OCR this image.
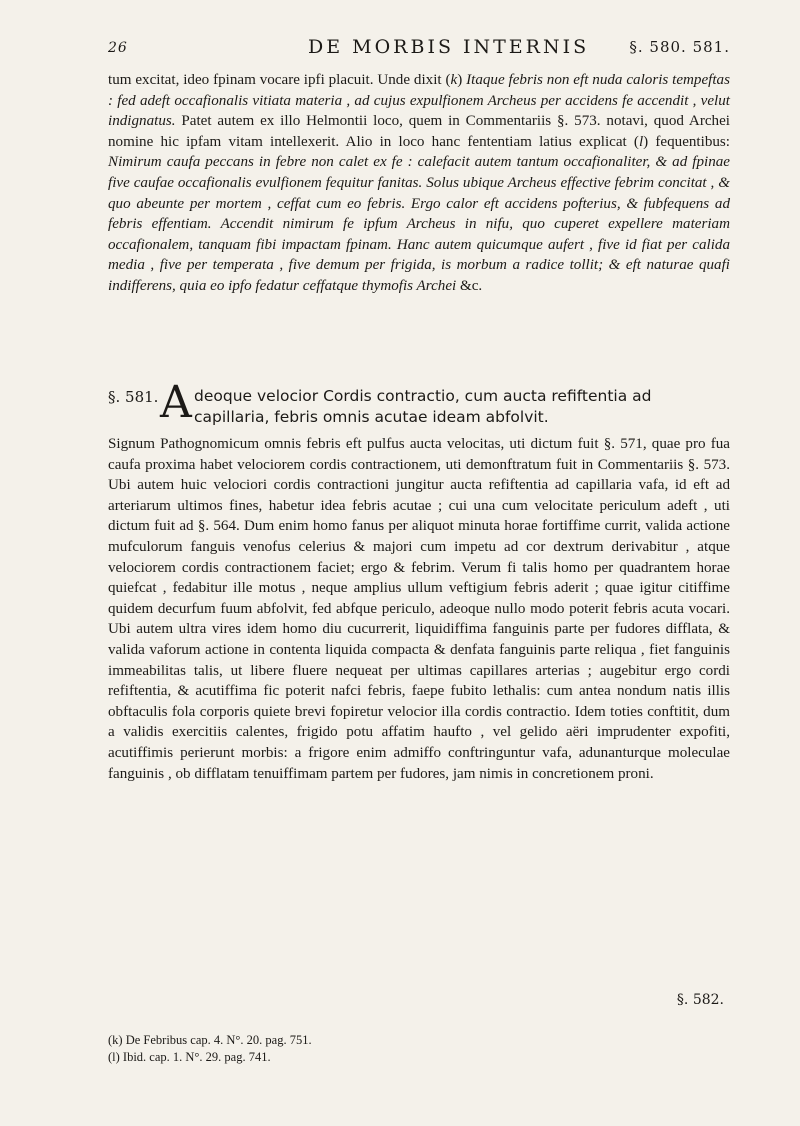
26	DE MORBIS INTERNIS	§. 580. 581.
tum excitat, ideo fpinam vocare ipfi placuit. Unde dixit (k) Itaque febris non eft nuda caloris tempeftas : fed adeft occafionalis vitiata materia , ad cujus expulfionem Archeus per accidens fe accendit , velut indignatus. Patet autem ex illo Helmontii loco, quem in Commentariis §. 573. notavi, quod Archei nomine hic ipfam vitam intellexerit. Alio in loco hanc fententiam latius explicat (l) fequentibus: Nimirum caufa peccans in febre non calet ex fe : calefacit autem tantum occafionaliter, & ad fpinae five caufae occafionalis evulfionem fequitur fanitas. Solus ubique Archeus effective febrim concitat , & quo abeunte per mortem , ceffat cum eo febris. Ergo calor eft accidens pofterius, & fubfequens ad febris effentiam. Accendit nimirum fe ipfum Archeus in nifu, quo cuperet expellere materiam occafionalem, tanquam fibi impactam fpinam. Hanc autem quicumque aufert , five id fiat per calida media , five per temperata , five demum per frigida, is morbum a radice tollit; & eft naturae quafi indifferens, quia eo ipfo fedatur ceffatque thymofis Archei &c.
§. 581. A deoque velocior Cordis contractio, cum aucta refiftentia ad capillaria, febris omnis acutae ideam abfolvit.
Signum Pathognomicum omnis febris eft pulfus aucta velocitas, uti dictum fuit §. 571, quae pro fua caufa proxima habet velociorem cordis contractionem, uti demonftratum fuit in Commentariis §. 573. Ubi autem huic velociori cordis contractioni jungitur aucta refiftentia ad capillaria vafa, id eft ad arteriarum ultimos fines, habetur idea febris acutae ; cui una cum velocitate periculum adeft , uti dictum fuit ad §. 564. Dum enim homo fanus per aliquot minuta horae fortiffime currit, valida actione mufculorum fanguis venofus celerius & majori cum impetu ad cor dextrum derivabitur , atque velociorem cordis contractionem faciet; ergo & febrim. Verum fi talis homo per quadrantem horae quiefcat , fedabitur ille motus , neque amplius ullum veftigium febris aderit ; quae igitur citiffime quidem decurfum fuum abfolvit, fed abfque periculo, adeoque nullo modo poterit febris acuta vocari. Ubi autem ultra vires idem homo diu cucurrerit, liquidiffima fanguinis parte per fudores difflata, & valida vaforum actione in contenta liquida compacta & denfata fanguinis parte reliqua , fiet fanguinis immeabilitas talis, ut libere fluere nequeat per ultimas capillares arterias ; augebitur ergo cordi refiftentia, & acutiffima fic poterit nafci febris, faepe fubito lethalis: cum antea nondum natis illis obftaculis fola corporis quiete brevi fopiretur velocior illa cordis contractio. Idem toties conftitit, dum a validis exercitiis calentes, frigido potu affatim haufto , vel gelido aëri imprudenter expofiti, acutiffimis perierunt morbis: a frigore enim admiffo conftringuntur vafa, adunanturque moleculae fanguinis , ob difflatam tenuiffimam partem per fudores, jam nimis in concretionem proni.
§. 582.
(k) De Febribus cap. 4. N°. 20. pag. 751.
(l) Ibid. cap. 1. N°. 29. pag. 741.
